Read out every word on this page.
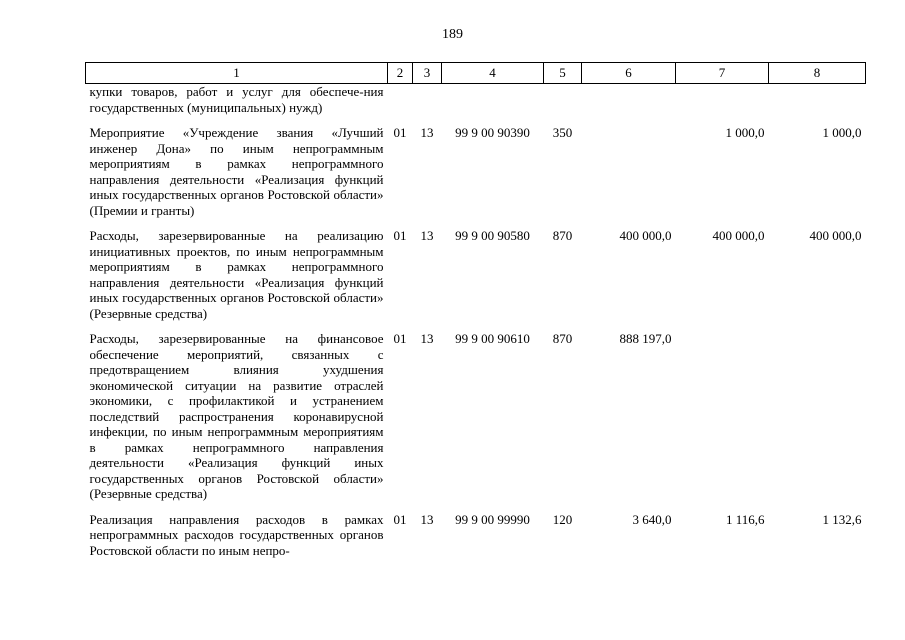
189
1	2	3	4	5	6	7	8
купки товаров, работ и услуг для обеспече-ния государственных (муниципальных) нужд)							
Мероприятие «Учреждение звания «Лучший инженер Дона» по иным непрограммным мероприятиям в рамках непрограммного направления деятельности «Реализация функций иных государственных органов Ростовской области» (Премии и гранты)	01	13	99 9 00 90390	350		1 000,0	1 000,0
Расходы, зарезервированные на реализацию инициативных проектов, по иным непрограммным мероприятиям в рамках непрограммного направления деятельности «Реализация функций иных государственных органов Ростовской области» (Резервные средства)	01	13	99 9 00 90580	870	400 000,0	400 000,0	400 000,0
Расходы, зарезервированные на финансовое обеспечение мероприятий, связанных с предотвращением влияния ухудшения экономической ситуации на развитие отраслей экономики, с профилактикой и устранением последствий распространения коронавирусной инфекции, по иным непрограммным мероприятиям в рамках непрограммного направления деятельности «Реализация функций иных государственных органов Ростовской области» (Резервные средства)	01	13	99 9 00 90610	870	888 197,0		
Реализация направления расходов в рамках непрограммных расходов государственных органов Ростовской области по иным непро-	01	13	99 9 00 99990	120	3 640,0	1 116,6	1 132,6
